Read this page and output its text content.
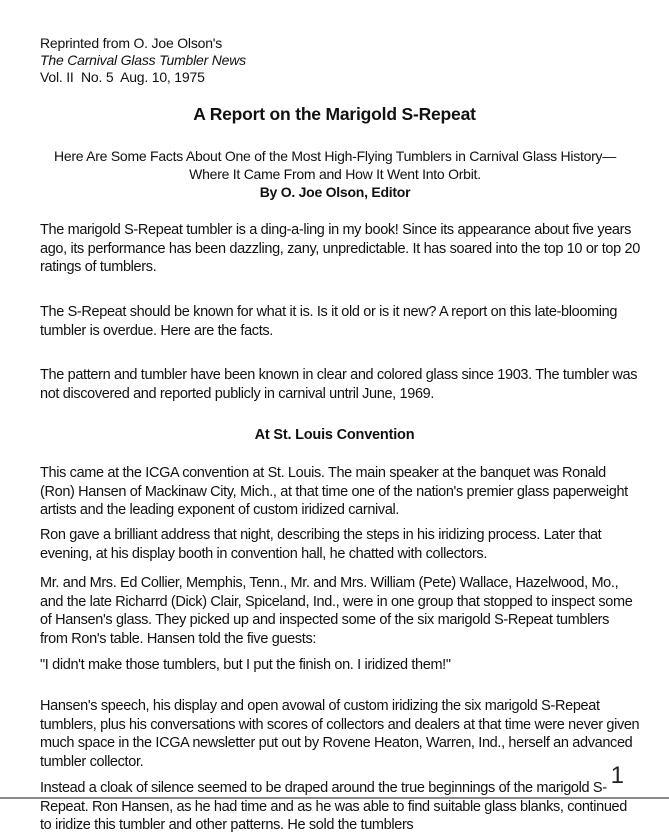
Reprinted from O. Joe Olson's
The Carnival Glass Tumbler News
Vol. II  No. 5  Aug. 10, 1975
A Report on the Marigold S-Repeat
Here Are Some Facts About One of the Most High-Flying Tumblers in Carnival Glass History—Where It Came From and How It Went Into Orbit.
By O. Joe Olson, Editor

The marigold S-Repeat tumbler is a ding-a-ling in my book! Since its appearance about five years ago, its performance has been dazzling, zany, unpredictable. It has soared into the top 10 or top 20 ratings of tumblers.

The S-Repeat should be known for what it is. Is it old or is it new? A report on this late-blooming tumbler is overdue. Here are the facts.

The pattern and tumbler have been known in clear and colored glass since 1903. The tumbler was not discovered and reported publicly in carnival untril June, 1969.

At St. Louis Convention

This came at the ICGA convention at St. Louis. The main speaker at the banquet was Ronald (Ron) Hansen of Mackinaw City, Mich., at that time one of the nation's premier glass paperweight artists and the leading exponent of custom iridized carnival.

Ron gave a brilliant address that night, describing the steps in his iridizing process. Later that evening, at his display booth in convention hall, he chatted with collectors.

Mr. and Mrs. Ed Collier, Memphis, Tenn., Mr. and Mrs. William (Pete) Wallace, Hazelwood, Mo., and the late Richarrd (Dick) Clair, Spiceland, Ind., were in one group that stopped to inspect some of Hansen's glass. They picked up and inspected some of the six marigold S-Repeat tumblers from Ron's table. Hansen told the five guests:

"I didn't make those tumblers, but I put the finish on. I iridized them!"

Hansen's speech, his display and open avowal of custom iridizing the six marigold S-Repeat tumblers, plus his conversations with scores of collectors and dealers at that time were never given much space in the ICGA newsletter put out by Rovene Heaton, Warren, Ind., herself an advanced tumbler collector.

Instead a cloak of silence seemed to be draped around the true beginnings of the marigold S-Repeat. Ron Hansen, as he had time and as he was able to find suitable glass blanks, continued to iridize this tumbler and other patterns. He sold the tumblers

1
